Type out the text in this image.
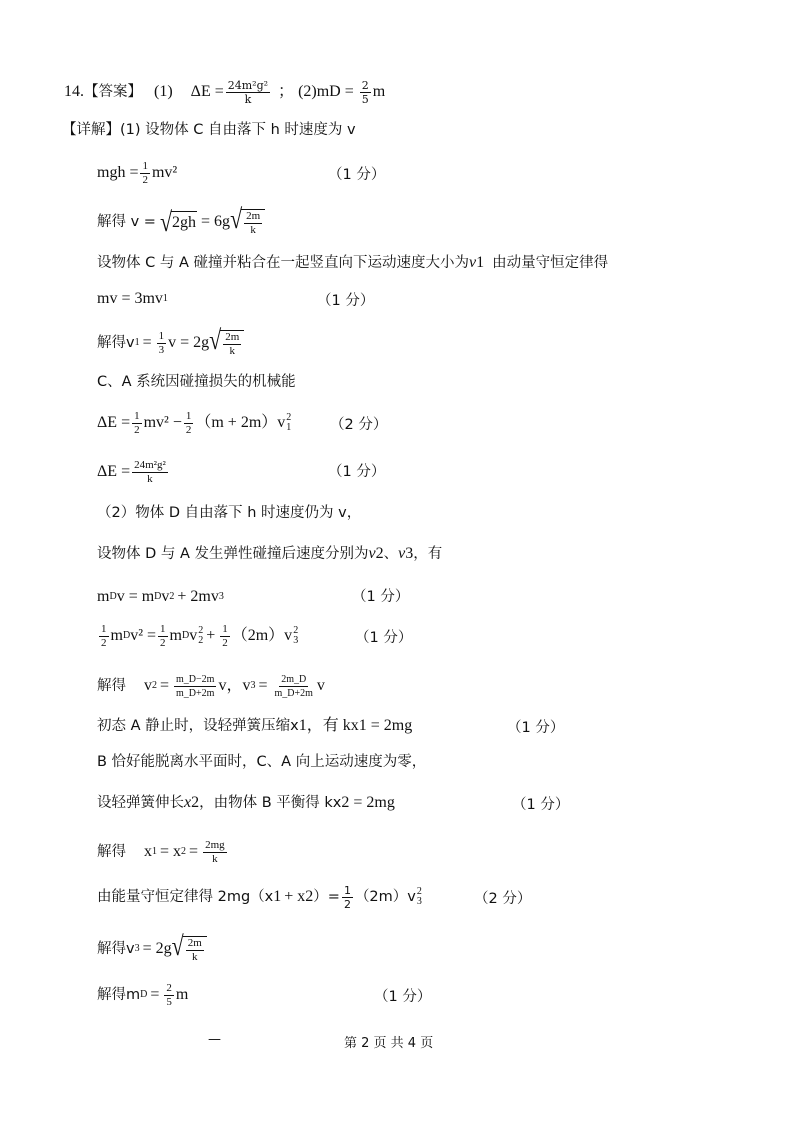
14. 【答案】 (1) $\Delta E = \frac{\text{24m²g²}}{k}$ ； (2) m $D = \frac{2}{5}$ m
【详解】 (1) 设物体 C 自由落下 h 时速度为 v
mgh = $\frac{1}{2} mv^2$	（1 分）
解得 v = √ 2gh = 6g √ $\frac{2m}{k}$
设物体 C 与 A 碰撞并粘合在一起竖直向下运动速度大小为 v 1 由动量守恒定律得
mv = 3mv 1	（1 分）
解得v $1 = \frac{1}{3}$ v = 2g √ $\frac{2m}{k}$
C、A 系统因碰撞损失的机械能
$\Delta E = \frac{1}{2} mv^2 - \frac{1}{2} (m + 2m)v$ 2
1	（2 分）
$\Delta E = \frac{\text{24m²g²}}{k}$	（1 分）
（2）物体 D 自由落下 h 时速度仍为 v，
设物体 D 与 A 发生弹性碰撞后速度分别为 v 2 、 v 3 ，有
m D v = m D v 2 + 2mv 3	（1 分）
$\frac{1}{2}$ m D $v^2 = \frac{1}{2}$ m D v 2
$2 + \frac{1}{2} (2m)v$ 2
3	（1 分）
解得 v $2 = \frac{m\_D-2m}{m\_D+2m}$ v，v $3 = \frac{2m\_D}{m\_D+2m}$ v
初态 A 静止时，设轻弹簧压缩x 1 ，有 kx 1 = 2mg	（1 分）
B 恰好能脱离水平面时，C、A 向上运动速度为零，
设轻弹簧伸长 x 2 ，由物体 B 平衡得 kx 2 = 2mg	（1 分）
解得 x 1 = x $2 = \frac{2mg}{k}$
由能量守恒定律得 2mg（x 1 + x 2 ）= $\frac{1}{2} (2m)v$ 2
3	（2 分）
解得v 3 = 2g √ $\frac{2m}{k}$
解得m $D = \frac{2}{5}$ m	（1 分）
—	第 2 页 共 4 页
